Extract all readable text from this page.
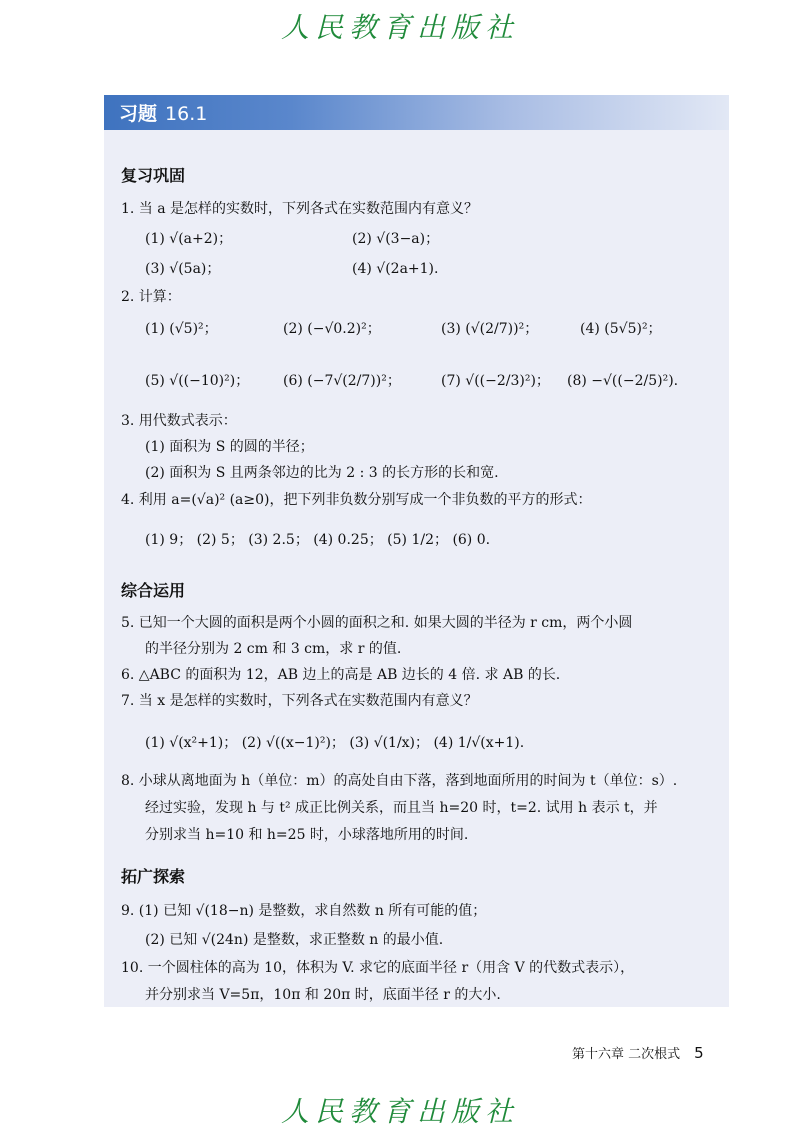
人民教育出版社
习题 16.1
复习巩固
1. 当 a 是怎样的实数时，下列各式在实数范围内有意义？
(1) √(a+2)；	(2) √(3−a)；
(3) √(5a)；	(4) √(2a+1).
2. 计算：
(1) (√5)²；	(2) (−√0.2)²；	(3) (√(2/7))²；	(4) (5√5)²；
(5) √((−10)²)； (6) (−7√(2/7))²；	(7) √((−2/3)²)； (8) −√((−2/5)²).
3. 用代数式表示：
(1) 面积为 S 的圆的半径；
(2) 面积为 S 且两条邻边的比为 2 : 3 的长方形的长和宽.
4. 利用 a=(√a)² (a≥0)，把下列非负数分别写成一个非负数的平方的形式：
(1) 9； (2) 5； (3) 2.5； (4) 0.25； (5) 1/2； (6) 0.
综合运用
5. 已知一个大圆的面积是两个小圆的面积之和. 如果大圆的半径为 r cm，两个小圆
的半径分别为 2 cm 和 3 cm，求 r 的值.
6. △ABC 的面积为 12，AB 边上的高是 AB 边长的 4 倍. 求 AB 的长.
7. 当 x 是怎样的实数时，下列各式在实数范围内有意义？
(1) √(x²+1)； (2) √((x−1)²)； (3) √(1/x)； (4) 1/√(x+1).
8. 小球从离地面为 h（单位：m）的高处自由下落，落到地面所用的时间为 t（单位：s）.
经过实验，发现 h 与 t² 成正比例关系，而且当 h=20 时，t=2. 试用 h 表示 t，并
分别求当 h=10 和 h=25 时，小球落地所用的时间.
拓广探索
9. (1) 已知 √(18−n) 是整数，求自然数 n 所有可能的值；
(2) 已知 √(24n) 是整数，求正整数 n 的最小值.
10. 一个圆柱体的高为 10，体积为 V. 求它的底面半径 r（用含 V 的代数式表示），
并分别求当 V=5π，10π 和 20π 时，底面半径 r 的大小.
第十六章 二次根式 5
人民教育出版社
